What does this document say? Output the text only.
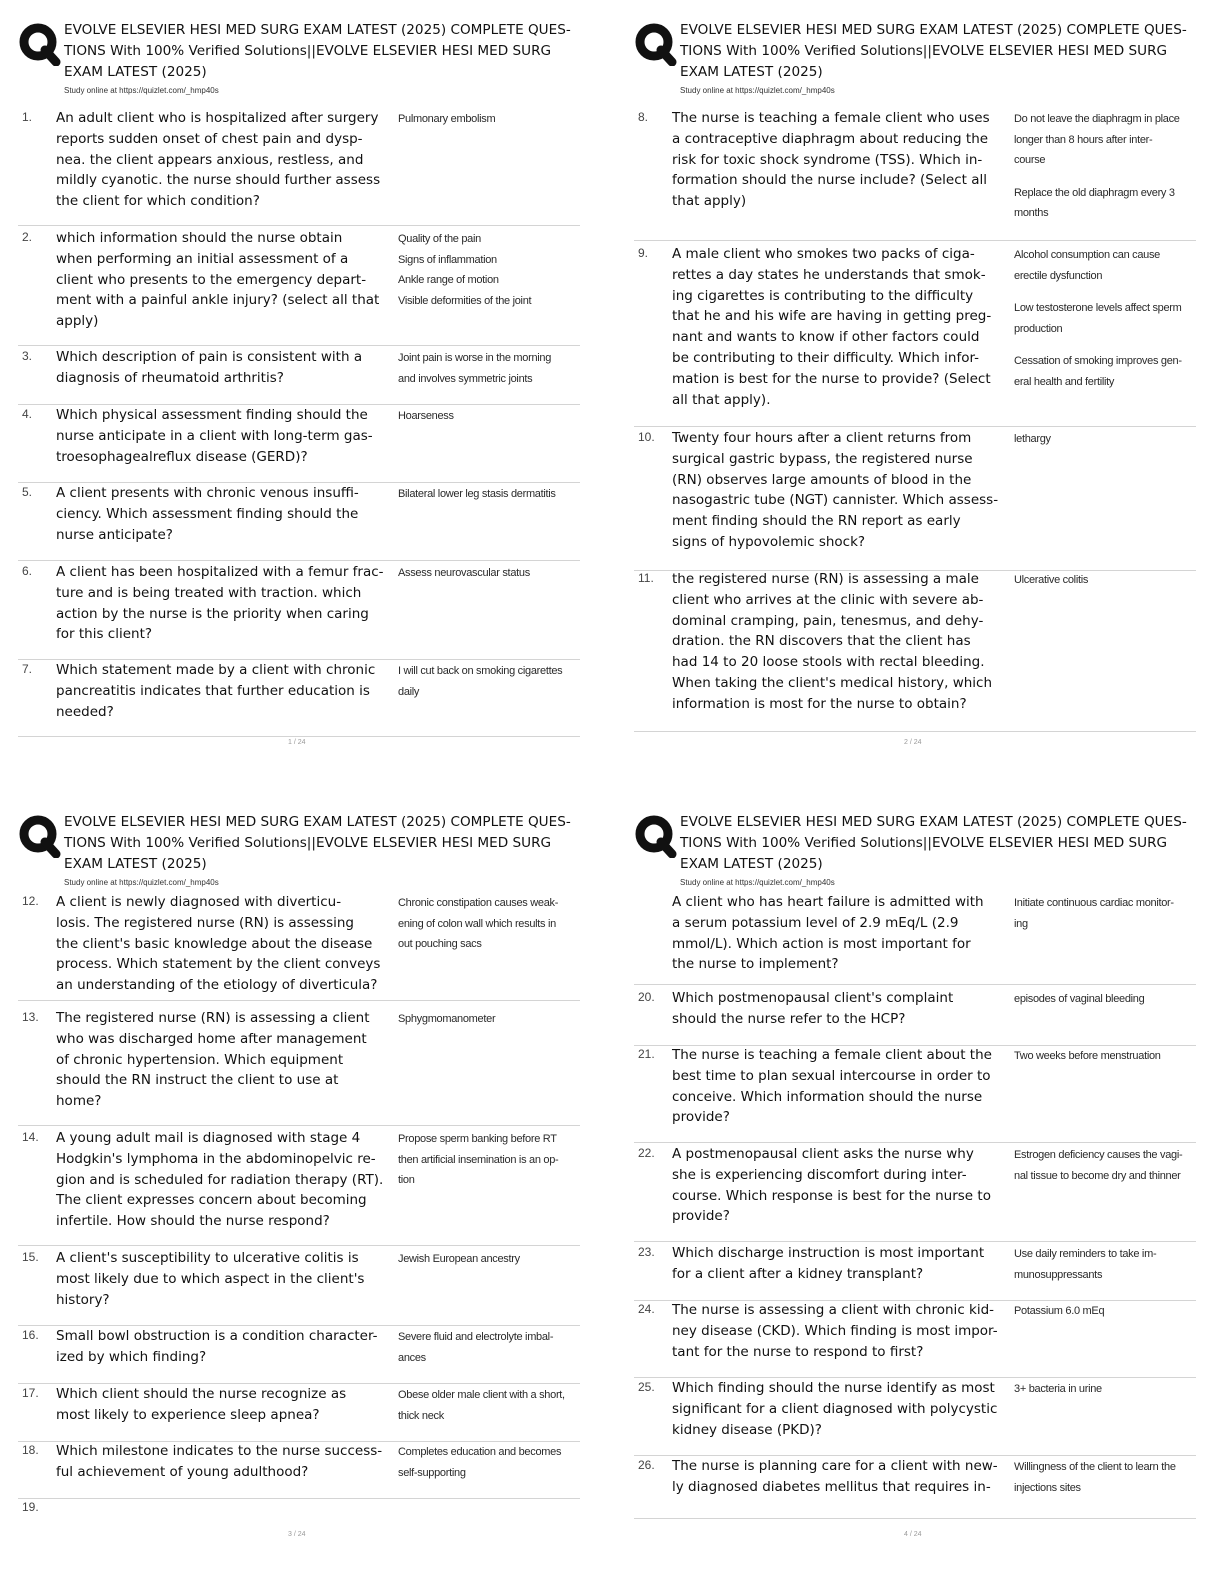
EVOLVE ELSEVIER HESI MED SURG EXAM LATEST (2025) COMPLETE QUES-
TIONS With 100% Verified Solutions||EVOLVE ELSEVIER HESI MED SURG
EXAM LATEST (2025)
Study online at https://quizlet.com/_hmp40s
1. An adult client who is hospitalized after surgery
reports sudden onset of chest pain and dysp-
nea. the client appears anxious, restless, and
mildly cyanotic. the nurse should further assess
the client for which condition?
Pulmonary embolism
2. which information should the nurse obtain
when performing an initial assessment of a
client who presents to the emergency depart-
ment with a painful ankle injury? (select all that
apply)
Quality of the pain
Signs of inflammation
Ankle range of motion
Visible deformities of the joint
3. Which description of pain is consistent with a
diagnosis of rheumatoid arthritis?
Joint pain is worse in the morning
and involves symmetric joints
4. Which physical assessment finding should the
nurse anticipate in a client with long-term gas-
troesophagealreflux disease (GERD)?
Hoarseness
5. A client presents with chronic venous insuffi-
ciency. Which assessment finding should the
nurse anticipate?
Bilateral lower leg stasis dermatitis
6. A client has been hospitalized with a femur frac-
ture and is being treated with traction. which
action by the nurse is the priority when caring
for this client?
Assess neurovascular status
7. Which statement made by a client with chronic
pancreatitis indicates that further education is
needed?
I will cut back on smoking cigarettes
daily
1 / 24
EVOLVE ELSEVIER HESI MED SURG EXAM LATEST (2025) COMPLETE QUES-
TIONS With 100% Verified Solutions||EVOLVE ELSEVIER HESI MED SURG
EXAM LATEST (2025)
Study online at https://quizlet.com/_hmp40s
8. The nurse is teaching a female client who uses
a contraceptive diaphragm about reducing the
risk for toxic shock syndrome (TSS). Which in-
formation should the nurse include? (Select all
that apply)
Do not leave the diaphragm in place
longer than 8 hours after inter-
course
Replace the old diaphragm every 3
months
9. A male client who smokes two packs of ciga-
rettes a day states he understands that smok-
ing cigarettes is contributing to the difficulty
that he and his wife are having in getting preg-
nant and wants to know if other factors could
be contributing to their difficulty. Which infor-
mation is best for the nurse to provide? (Select
all that apply).
Alcohol consumption can cause
erectile dysfunction
Low testosterone levels affect sperm
production
Cessation of smoking improves gen-
eral health and fertility
10. Twenty four hours after a client returns from
surgical gastric bypass, the registered nurse
(RN) observes large amounts of blood in the
nasogastric tube (NGT) cannister. Which assess-
ment finding should the RN report as early
signs of hypovolemic shock?
lethargy
11. the registered nurse (RN) is assessing a male
client who arrives at the clinic with severe ab-
dominal cramping, pain, tenesmus, and dehy-
dration. the RN discovers that the client has
had 14 to 20 loose stools with rectal bleeding.
When taking the client's medical history, which
information is most for the nurse to obtain?
Ulcerative colitis
2 / 24
EVOLVE ELSEVIER HESI MED SURG EXAM LATEST (2025) COMPLETE QUES-
TIONS With 100% Verified Solutions||EVOLVE ELSEVIER HESI MED SURG
EXAM LATEST (2025)
Study online at https://quizlet.com/_hmp40s
12. A client is newly diagnosed with diverticu-
losis. The registered nurse (RN) is assessing
the client's basic knowledge about the disease
process. Which statement by the client conveys
an understanding of the etiology of diverticula?
Chronic constipation causes weak-
ening of colon wall which results in
out pouching sacs
13. The registered nurse (RN) is assessing a client
who was discharged home after management
of chronic hypertension. Which equipment
should the RN instruct the client to use at
home?
Sphygmomanometer
14. A young adult mail is diagnosed with stage 4
Hodgkin's lymphoma in the abdominopelvic re-
gion and is scheduled for radiation therapy (RT).
The client expresses concern about becoming
infertile. How should the nurse respond?
Propose sperm banking before RT
then artificial insemination is an op-
tion
15. A client's susceptibility to ulcerative colitis is
most likely due to which aspect in the client's
history?
Jewish European ancestry
16. Small bowl obstruction is a condition character-
ized by which finding?
Severe fluid and electrolyte imbal-
ances
17. Which client should the nurse recognize as
most likely to experience sleep apnea?
Obese older male client with a short,
thick neck
18. Which milestone indicates to the nurse success-
ful achievement of young adulthood?
Completes education and becomes
self-supporting
19.
3 / 24
EVOLVE ELSEVIER HESI MED SURG EXAM LATEST (2025) COMPLETE QUES-
TIONS With 100% Verified Solutions||EVOLVE ELSEVIER HESI MED SURG
EXAM LATEST (2025)
Study online at https://quizlet.com/_hmp40s
A client who has heart failure is admitted with
a serum potassium level of 2.9 mEq/L (2.9
mmol/L). Which action is most important for
the nurse to implement?
Initiate continuous cardiac monitor-
ing
20. Which postmenopausal client's complaint
should the nurse refer to the HCP?
episodes of vaginal bleeding
21. The nurse is teaching a female client about the
best time to plan sexual intercourse in order to
conceive. Which information should the nurse
provide?
Two weeks before menstruation
22. A postmenopausal client asks the nurse why
she is experiencing discomfort during inter-
course. Which response is best for the nurse to
provide?
Estrogen deficiency causes the vagi-
nal tissue to become dry and thinner
23. Which discharge instruction is most important
for a client after a kidney transplant?
Use daily reminders to take im-
munosuppressants
24. The nurse is assessing a client with chronic kid-
ney disease (CKD). Which finding is most impor-
tant for the nurse to respond to first?
Potassium 6.0 mEq
25. Which finding should the nurse identify as most
significant for a client diagnosed with polycystic
kidney disease (PKD)?
3+ bacteria in urine
26. The nurse is planning care for a client with new-
ly diagnosed diabetes mellitus that requires in-
Willingness of the client to learn the
injections sites
4 / 24
